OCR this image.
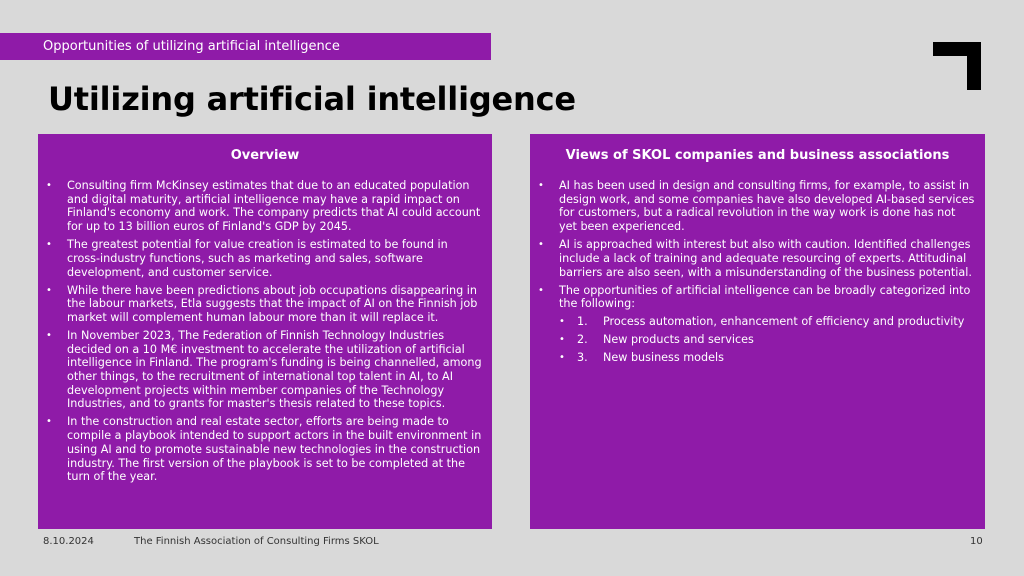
Opportunities of utilizing artificial intelligence
Utilizing artificial intelligence
Overview
• Consulting firm McKinsey estimates that due to an educated population and digital maturity, artificial intelligence may have a rapid impact on Finland's economy and work. The company predicts that AI could account for up to 13 billion euros of Finland's GDP by 2045.
• The greatest potential for value creation is estimated to be found in cross-industry functions, such as marketing and sales, software development, and customer service.
• While there have been predictions about job occupations disappearing in the labour markets, Etla suggests that the impact of AI on the Finnish job market will complement human labour more than it will replace it.
• In November 2023, The Federation of Finnish Technology Industries decided on a 10 M€ investment to accelerate the utilization of artificial intelligence in Finland. The program's funding is being channelled, among other things, to the recruitment of international top talent in AI, to AI development projects within member companies of the Technology Industries, and to grants for master's thesis related to these topics.
• In the construction and real estate sector, efforts are being made to compile a playbook intended to support actors in the built environment in using AI and to promote sustainable new technologies in the construction industry. The first version of the playbook is set to be completed at the turn of the year.
Views of SKOL companies and business associations
• AI has been used in design and consulting firms, for example, to assist in design work, and some companies have also developed AI-based services for customers, but a radical revolution in the way work is done has not yet been experienced.
• AI is approached with interest but also with caution. Identified challenges include a lack of training and adequate resourcing of experts. Attitudinal barriers are also seen, with a misunderstanding of the business potential.
• The opportunities of artificial intelligence can be broadly categorized into the following:
• 1.	Process automation, enhancement of efficiency and productivity
• 2.	New products and services
• 3.	New business models
8.10.2024	The Finnish Association of Consulting Firms SKOL	10
